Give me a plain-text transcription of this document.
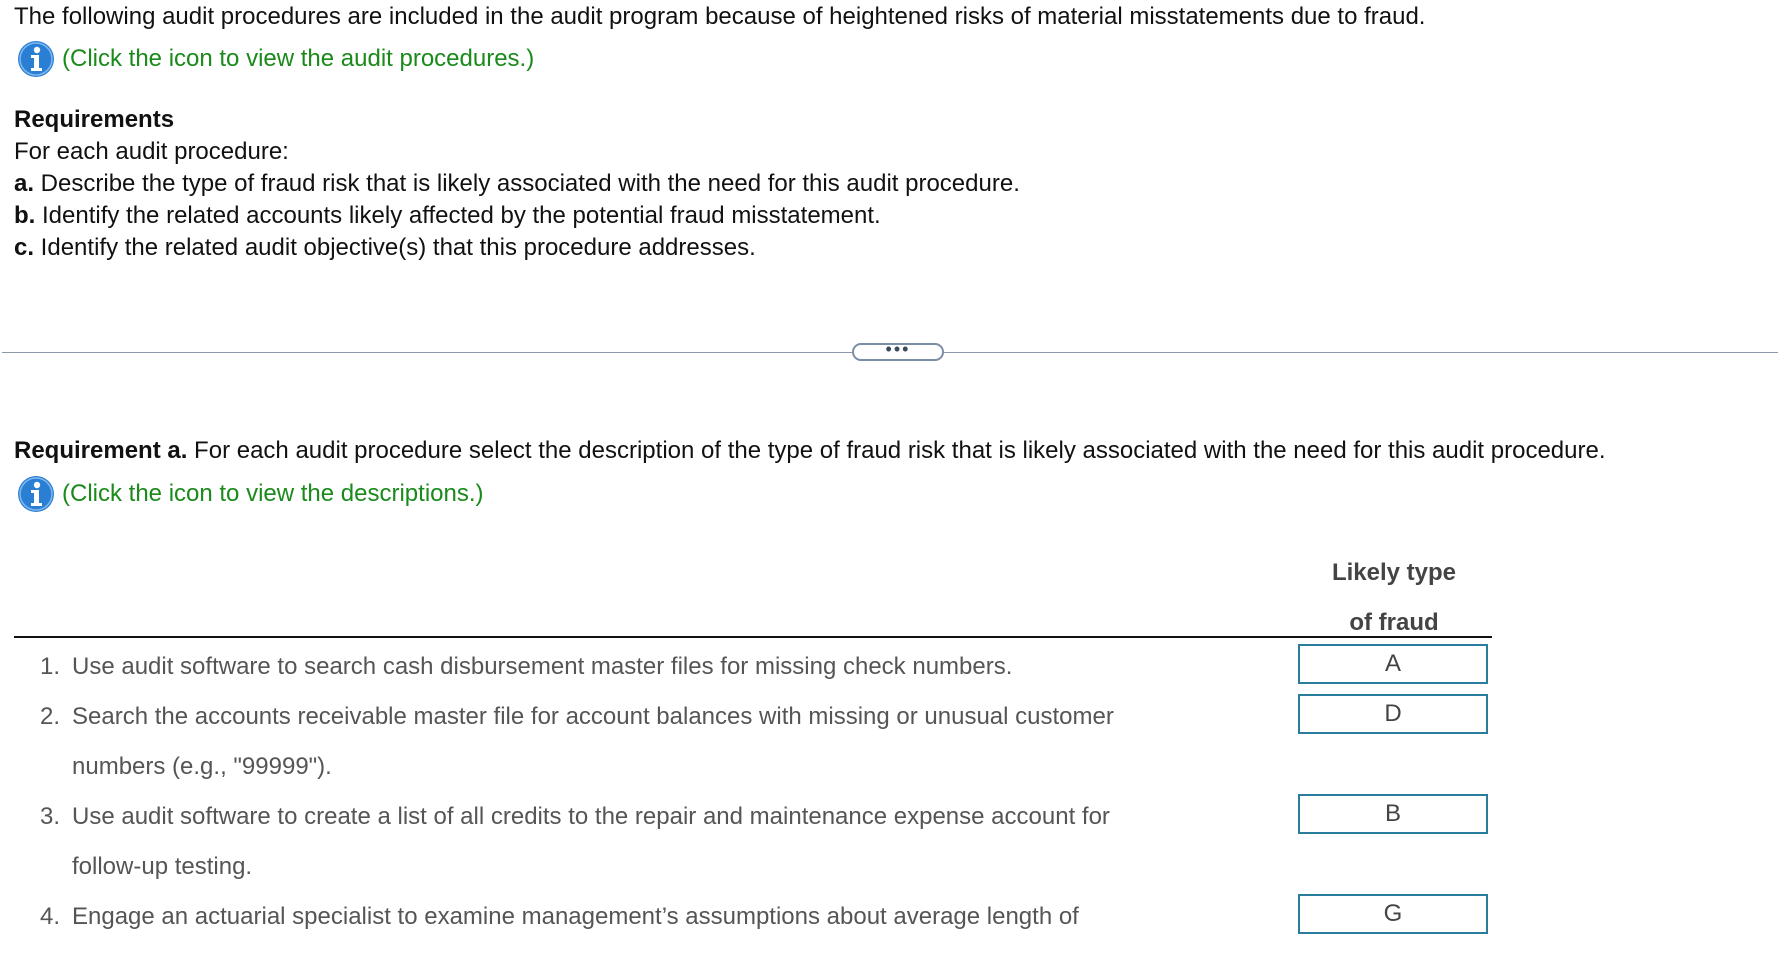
The following audit procedures are included in the audit program because of heightened risks of material misstatements due to fraud.
(Click the icon to view the audit procedures.)
Requirements
For each audit procedure:
a. Describe the type of fraud risk that is likely associated with the need for this audit procedure.
b. Identify the related accounts likely affected by the potential fraud misstatement.
c. Identify the related audit objective(s) that this procedure addresses.
•••
Requirement a. For each audit procedure select the description of the type of fraud risk that is likely associated with the need for this audit procedure.
(Click the icon to view the descriptions.)
Likely type
of fraud
1. Use audit software to search cash disbursement master files for missing check numbers.	A
2. Search the accounts receivable master file for account balances with missing or unusual customer
numbers (e.g., "99999").
D
3. Use audit software to create a list of all credits to the repair and maintenance expense account for
follow-up testing.
B
4. Engage an actuarial specialist to examine management’s assumptions about average length of	G
